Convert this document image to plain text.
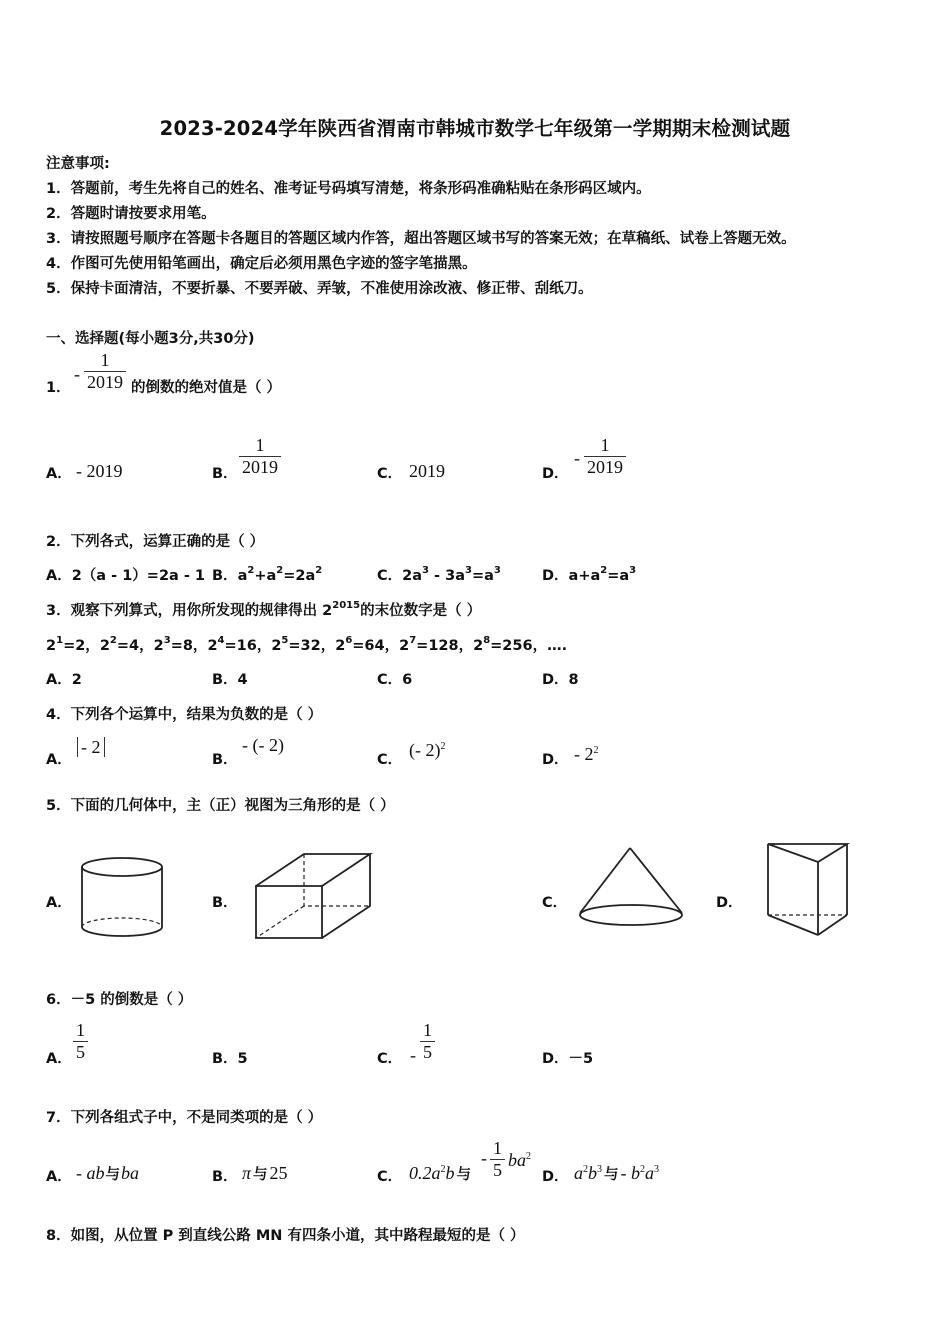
2023-2024学年陕西省渭南市韩城市数学七年级第一学期期末检测试题
注意事项:
1．答题前，考生先将自己的姓名、准考证号码填写清楚，将条形码准确粘贴在条形码区域内。
2．答题时请按要求用笔。
3．请按照题号顺序在答题卡各题目的答题区域内作答，超出答题区域书写的答案无效；在草稿纸、试卷上答题无效。
4．作图可先使用铅笔画出，确定后必须用黑色字迹的签字笔描黑。
5．保持卡面清洁，不要折暴、不要弄破、弄皱，不准使用涂改液、修正带、刮纸刀。
一、选择题(每小题3分,共30分)
1．
- $\frac{1}{2019}$ 的倒数的绝对值是（ ）
A． - 2019	B． $\frac{1}{2019}$	C． 2019	D．
- $\frac{1}{2019}$
2．下列各式，运算正确的是（ ）
A．2（a - 1）=2a - 1 B．$a^2+a^2=2a^2$	C．$2a^3 - 3a^3=a^3$	D．$a+a^2=a^3$
3．观察下列算式，用你所发现的规律得出 $2^{2015}$的末位数字是（ ）
$2^1=2$，$2^2=4$，$2^3=8$，$2^4=16$，$2^5=32$，$2^6=64$，$2^7=128$，$2^8=256$，….
A．2	B．4	C．6	D．8
4．下列各个运算中，结果为负数的是（ ）
A．
- 2
B．
- (- 2)
C． (- 2)$^2$
D． - $2^2$
5．下面的几何体中，主（正）视图为三角形的是（ ）
A．	B．	C．	D．
6．－5 的倒数是（ ）
A． $\frac{1}{5}$	B．5	C． - $\frac{1}{5}$	D．－5
7．下列各组式子中，不是同类项的是（ ）
A． - ab与ba	B． π 与 25	C． $0.2a^2b$ 与
- $\frac{1}{5} ba^2$
D． $a^2b^3$ 与 - $b^2a^3$
8．如图，从位置 P 到直线公路 MN 有四条小道，其中路程最短的是（ ）
